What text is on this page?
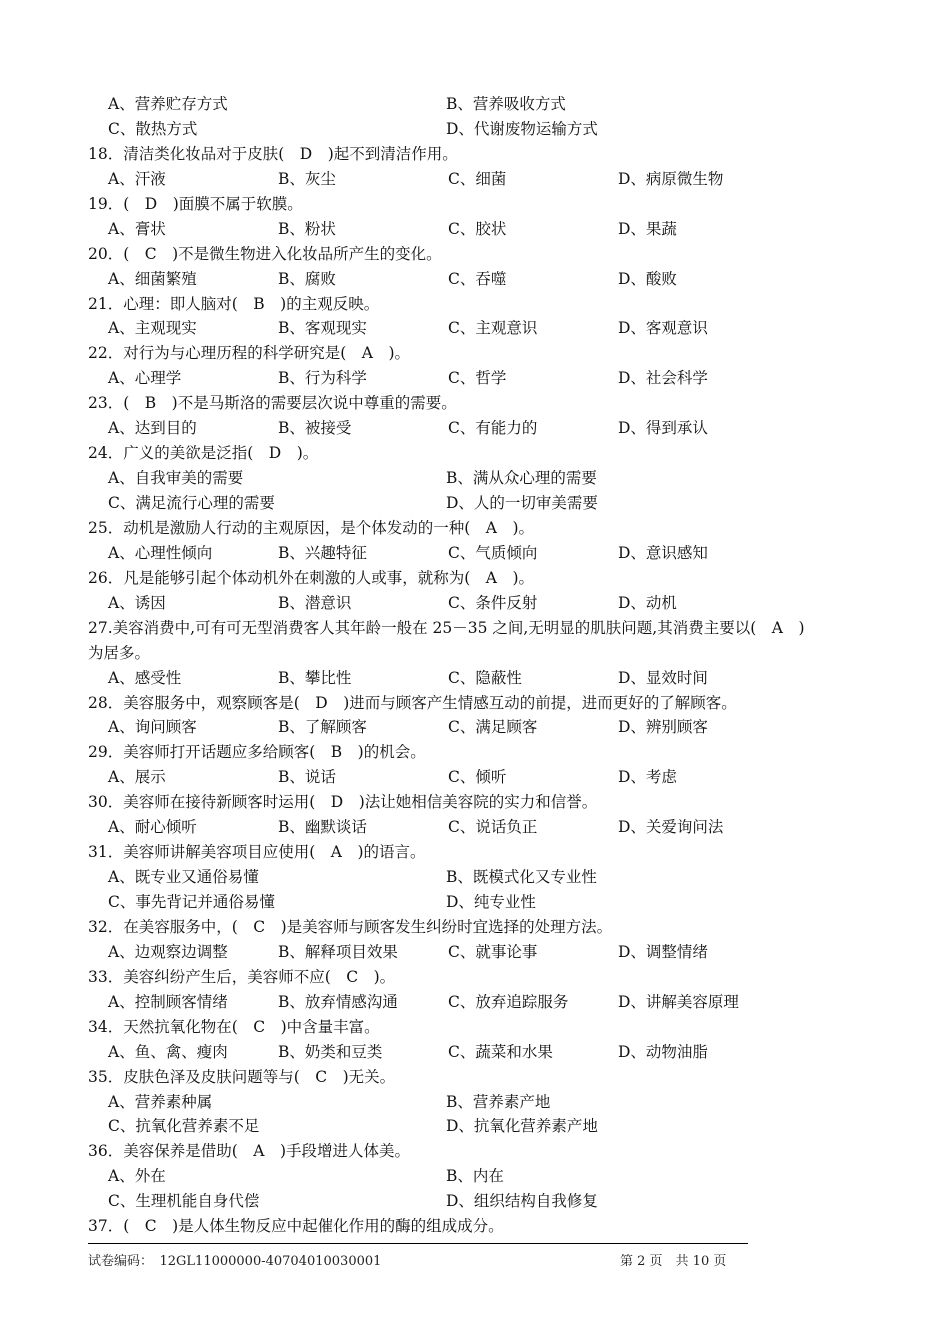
A、营养贮存方式	B、营养吸收方式
C、散热方式	D、代谢废物运输方式
18．清洁类化妆品对于皮肤(　D　)起不到清洁作用。
A、汗液	B、灰尘	C、细菌	D、病原微生物
19．(　D　)面膜不属于软膜。
A、膏状	B、粉状	C、胶状	D、果蔬
20．(　C　)不是微生物进入化妆品所产生的变化。
A、细菌繁殖	B、腐败	C、吞噬	D、酸败
21．心理：即人脑对(　B　)的主观反映。
A、主观现实	B、客观现实	C、主观意识	D、客观意识
22．对行为与心理历程的科学研究是(　A　)。
A、心理学	B、行为科学	C、哲学	D、社会科学
23．(　B　)不是马斯洛的需要层次说中尊重的需要。
A、达到目的	B、被接受	C、有能力的	D、得到承认
24．广义的美欲是泛指(　D　)。
A、自我审美的需要	B、满从众心理的需要
C、满足流行心理的需要	D、人的一切审美需要
25．动机是激励人行动的主观原因，是个体发动的一种(　A　)。
A、心理性倾向	B、兴趣特征	C、气质倾向	D、意识感知
26．凡是能够引起个体动机外在刺激的人或事，就称为(　A　)。
A、诱因	B、潜意识	C、条件反射	D、动机
27.美容消费中,可有可无型消费客人其年龄一般在 25－35 之间,无明显的肌肤问题,其消费主要以(　A　)
为居多。
A、感受性	B、攀比性	C、隐蔽性	D、显效时间
28．美容服务中，观察顾客是(　D　)进而与顾客产生情感互动的前提，进而更好的了解顾客。
A、询问顾客	B、了解顾客	C、满足顾客	D、辨别顾客
29．美容师打开话题应多给顾客(　B　)的机会。
A、展示	B、说话	C、倾听	D、考虑
30．美容师在接待新顾客时运用(　D　)法让她相信美容院的实力和信誉。
A、耐心倾听	B、幽默谈话	C、说话负正	D、关爱询问法
31．美容师讲解美容项目应使用(　A　)的语言。
A、既专业又通俗易懂	B、既模式化又专业性
C、事先背记并通俗易懂	D、纯专业性
32．在美容服务中，(　C　)是美容师与顾客发生纠纷时宜选择的处理方法。
A、边观察边调整	B、解释项目效果	C、就事论事	D、调整情绪
33．美容纠纷产生后，美容师不应(　C　)。
A、控制顾客情绪	B、放弃情感沟通	C、放弃追踪服务	D、讲解美容原理
34．天然抗氧化物在(　C　)中含量丰富。
A、鱼、禽、瘦肉	B、奶类和豆类	C、蔬菜和水果	D、动物油脂
35．皮肤色泽及皮肤问题等与(　C　)无关。
A、营养素种属	B、营养素产地
C、抗氧化营养素不足	D、抗氧化营养素产地
36．美容保养是借助(　A　)手段增进人体美。
A、外在	B、内在
C、生理机能自身代偿	D、组织结构自我修复
37．(　C　)是人体生物反应中起催化作用的酶的组成成分。
试卷编码：　12GL11000000-40704010030001	第 2 页　共 10 页
